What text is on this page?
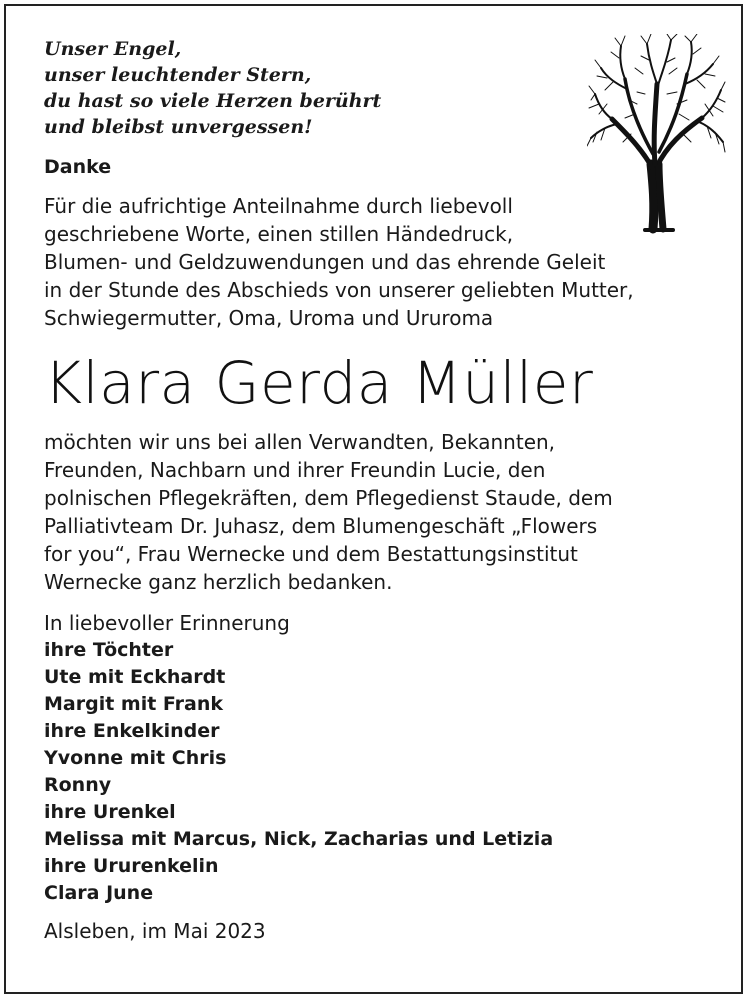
Unser Engel,
unser leuchtender Stern,
du hast so viele Herzen berührt
und bleibst unvergessen!
Danke
Für die aufrichtige Anteilnahme durch liebevoll
geschriebene Worte, einen stillen Händedruck,
Blumen- und Geldzuwendungen und das ehrende Geleit
in der Stunde des Abschieds von unserer geliebten Mutter,
Schwiegermutter, Oma, Uroma und Ururoma
Klara Gerda Müller
möchten wir uns bei allen Verwandten, Bekannten,
Freunden, Nachbarn und ihrer Freundin Lucie, den
polnischen Pflegekräften, dem Pflegedienst Staude, dem
Palliativteam Dr. Juhasz, dem Blumengeschäft „Flowers
for you“, Frau Wernecke und dem Bestattungsinstitut
Wernecke ganz herzlich bedanken.
In liebevoller Erinnerung
ihre Töchter
Ute mit Eckhardt
Margit mit Frank
ihre Enkelkinder
Yvonne mit Chris
Ronny
ihre Urenkel
Melissa mit Marcus, Nick, Zacharias und Letizia
ihre Ururenkelin
Clara June
Alsleben, im Mai 2023
